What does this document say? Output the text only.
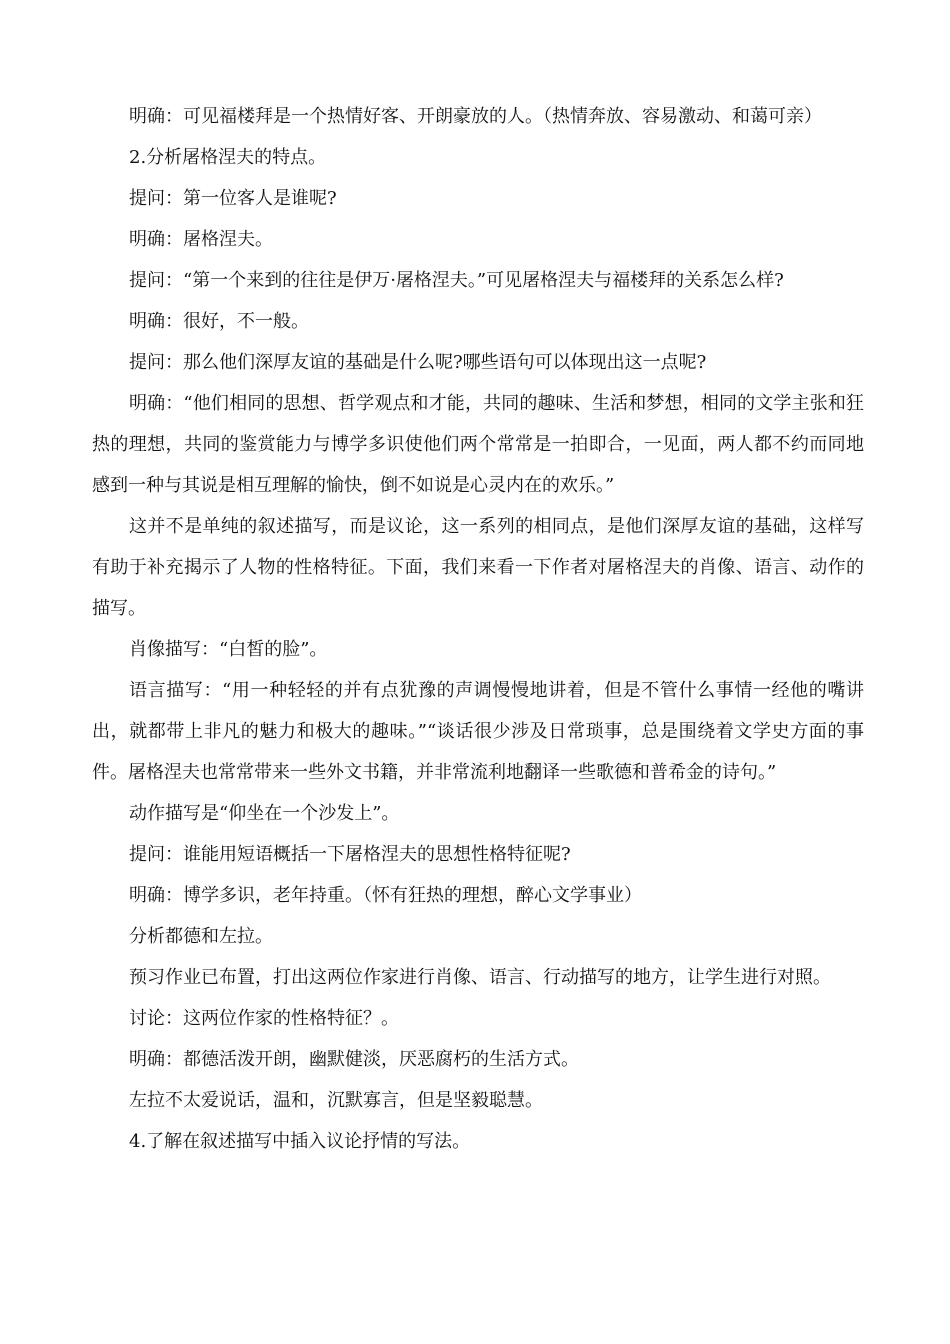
明确：可见福楼拜是一个热情好客、开朗豪放的人。（热情奔放、容易激动、和蔼可亲）

2.分析屠格涅夫的特点。

提问：第一位客人是谁呢?

明确：屠格涅夫。

提问：“第一个来到的往往是伊万·屠格涅夫。”可见屠格涅夫与福楼拜的关系怎么样?

明确：很好，不一般。

提问：那么他们深厚友谊的基础是什么呢?哪些语句可以体现出这一点呢?

明确：“他们相同的思想、哲学观点和才能，共同的趣味、生活和梦想，相同的文学主张和狂热的理想，共同的鉴赏能力与博学多识使他们两个常常是一拍即合，一见面，两人都不约而同地感到一种与其说是相互理解的愉快，倒不如说是心灵内在的欢乐。”

这并不是单纯的叙述描写，而是议论，这一系列的相同点，是他们深厚友谊的基础，这样写有助于补充揭示了人物的性格特征。下面，我们来看一下作者对屠格涅夫的肖像、语言、动作的描写。

肖像描写：“白皙的脸”。

语言描写：“用一种轻轻的并有点犹豫的声调慢慢地讲着，但是不管什么事情一经他的嘴讲出，就都带上非凡的魅力和极大的趣味。”“谈话很少涉及日常琐事，总是围绕着文学史方面的事件。屠格涅夫也常常带来一些外文书籍，并非常流利地翻译一些歌德和普希金的诗句。”

动作描写是“仰坐在一个沙发上”。

提问：谁能用短语概括一下屠格涅夫的思想性格特征呢?

明确：博学多识，老年持重。（怀有狂热的理想，醉心文学事业）

分析都德和左拉。

预习作业已布置，打出这两位作家进行肖像、语言、行动描写的地方，让学生进行对照。

讨论：这两位作家的性格特征？。

明确：都德活泼开朗，幽默健淡，厌恶腐朽的生活方式。

左拉不太爱说话，温和，沉默寡言，但是坚毅聪慧。

4.了解在叙述描写中插入议论抒情的写法。
